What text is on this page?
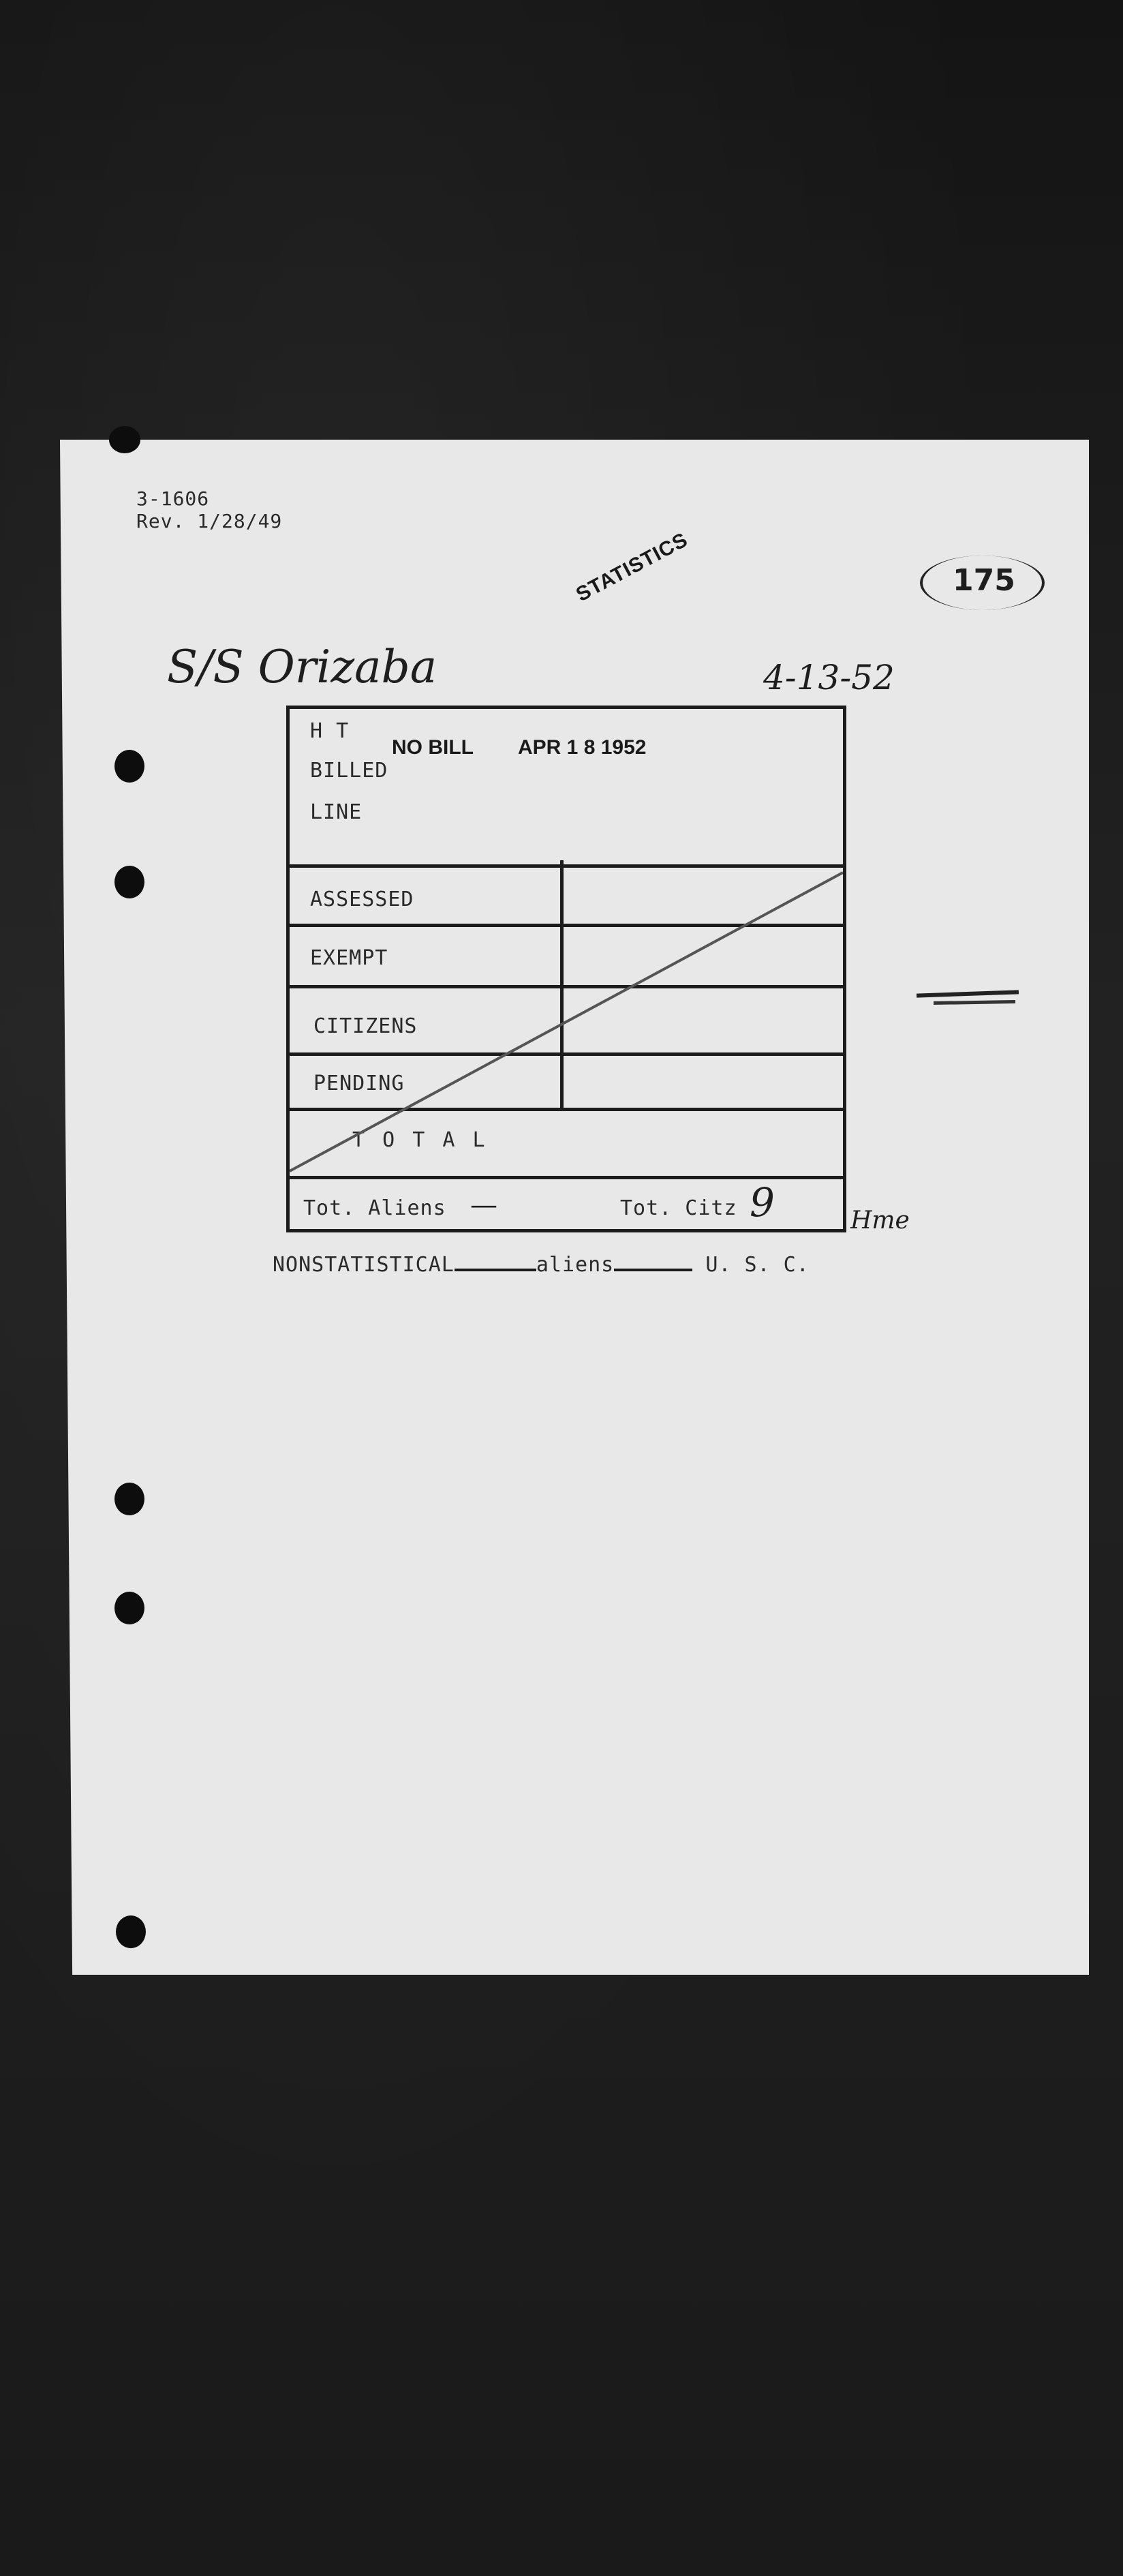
3-1606
Rev. 1/28/49
STATISTICS	175
S/S Orizaba	4-13-52
H T
BILLED
LINE
NO BILL APR 1 8 1952
ASSESSED
EXEMPT
CITIZENS
PENDING
T O T A L
Tot. Aliens —	Tot. Citz 9	Hme
NONSTATISTICAL	aliens	U. S. C.
